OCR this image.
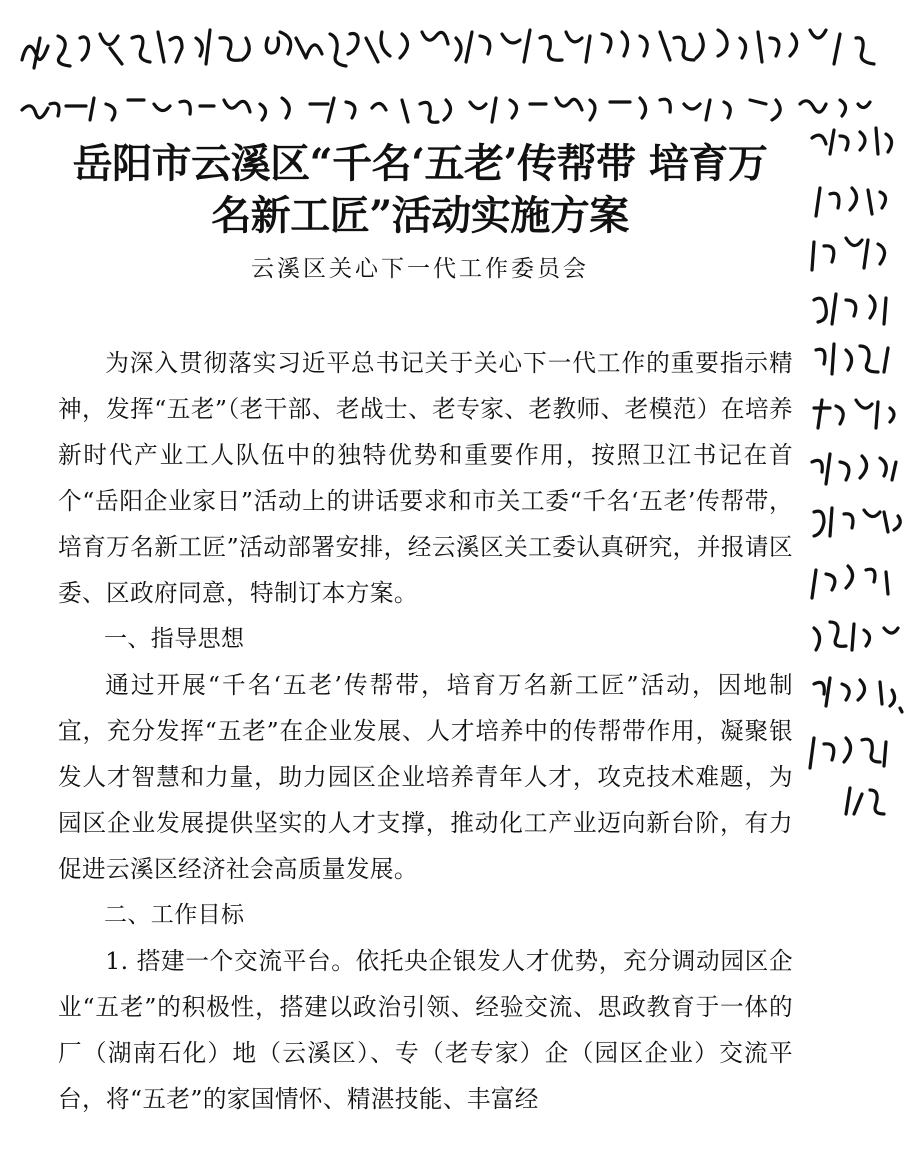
岳阳市云溪区“千名‘五老’传帮带 培育万
名新工匠”活动实施方案
云溪区关心下一代工作委员会

为深入贯彻落实习近平总书记关于关心下一代工作的重要指示精神，发挥“五老”（老干部、老战士、老专家、老教师、老模范）在培养新时代产业工人队伍中的独特优势和重要作用，按照卫江书记在首个“岳阳企业家日”活动上的讲话要求和市关工委“千名‘五老’传帮带，培育万名新工匠”活动部署安排，经云溪区关工委认真研究，并报请区委、区政府同意，特制订本方案。

一、指导思想

通过开展“千名‘五老’传帮带，培育万名新工匠”活动，因地制宜，充分发挥“五老”在企业发展、人才培养中的传帮带作用，凝聚银发人才智慧和力量，助力园区企业培养青年人才，攻克技术难题，为园区企业发展提供坚实的人才支撑，推动化工产业迈向新台阶，有力促进云溪区经济社会高质量发展。

二、工作目标

1. 搭建一个交流平台。依托央企银发人才优势，充分调动园区企业“五老”的积极性，搭建以政治引领、经验交流、思政教育于一体的厂（湖南石化）地（云溪区）、专（老专家）企（园区企业）交流平台，将“五老”的家国情怀、精湛技能、丰富经
